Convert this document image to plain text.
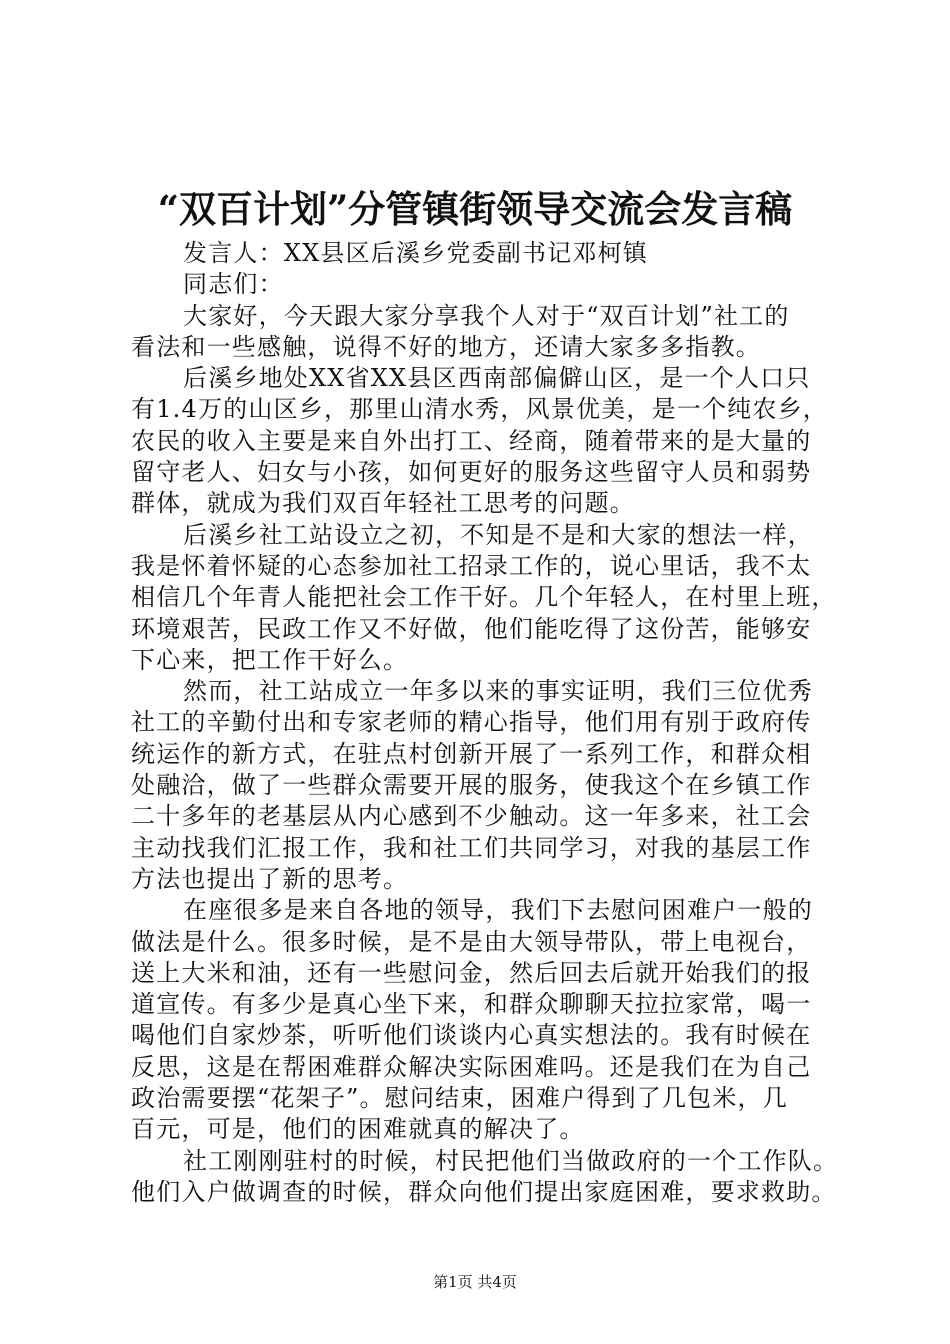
“双百计划”分管镇街领导交流会发言稿
发言人：XX县区后溪乡党委副书记邓柯镇
同志们：
大家好，今天跟大家分享我个人对于“双百计划”社工的
看法和一些感触，说得不好的地方，还请大家多多指教。
后溪乡地处XX省XX县区西南部偏僻山区，是一个人口只
有1.4万的山区乡，那里山清水秀，风景优美，是一个纯农乡，
农民的收入主要是来自外出打工、经商，随着带来的是大量的
留守老人、妇女与小孩，如何更好的服务这些留守人员和弱势
群体，就成为我们双百年轻社工思考的问题。
后溪乡社工站设立之初，不知是不是和大家的想法一样，
我是怀着怀疑的心态参加社工招录工作的，说心里话，我不太
相信几个年青人能把社会工作干好。几个年轻人，在村里上班，
环境艰苦，民政工作又不好做，他们能吃得了这份苦，能够安
下心来，把工作干好么。
然而，社工站成立一年多以来的事实证明，我们三位优秀
社工的辛勤付出和专家老师的精心指导，他们用有别于政府传
统运作的新方式，在驻点村创新开展了一系列工作，和群众相
处融洽，做了一些群众需要开展的服务，使我这个在乡镇工作
二十多年的老基层从内心感到不少触动。这一年多来，社工会
主动找我们汇报工作，我和社工们共同学习，对我的基层工作
方法也提出了新的思考。
在座很多是来自各地的领导，我们下去慰问困难户一般的
做法是什么。很多时候，是不是由大领导带队，带上电视台，
送上大米和油，还有一些慰问金，然后回去后就开始我们的报
道宣传。有多少是真心坐下来，和群众聊聊天拉拉家常，喝一
喝他们自家炒茶，听听他们谈谈内心真实想法的。我有时候在
反思，这是在帮困难群众解决实际困难吗。还是我们在为自己
政治需要摆“花架子”。慰问结束，困难户得到了几包米，几
百元，可是，他们的困难就真的解决了。
社工刚刚驻村的时候，村民把他们当做政府的一个工作队。
他们入户做调查的时候，群众向他们提出家庭困难，要求救助。
第1页 共4页
